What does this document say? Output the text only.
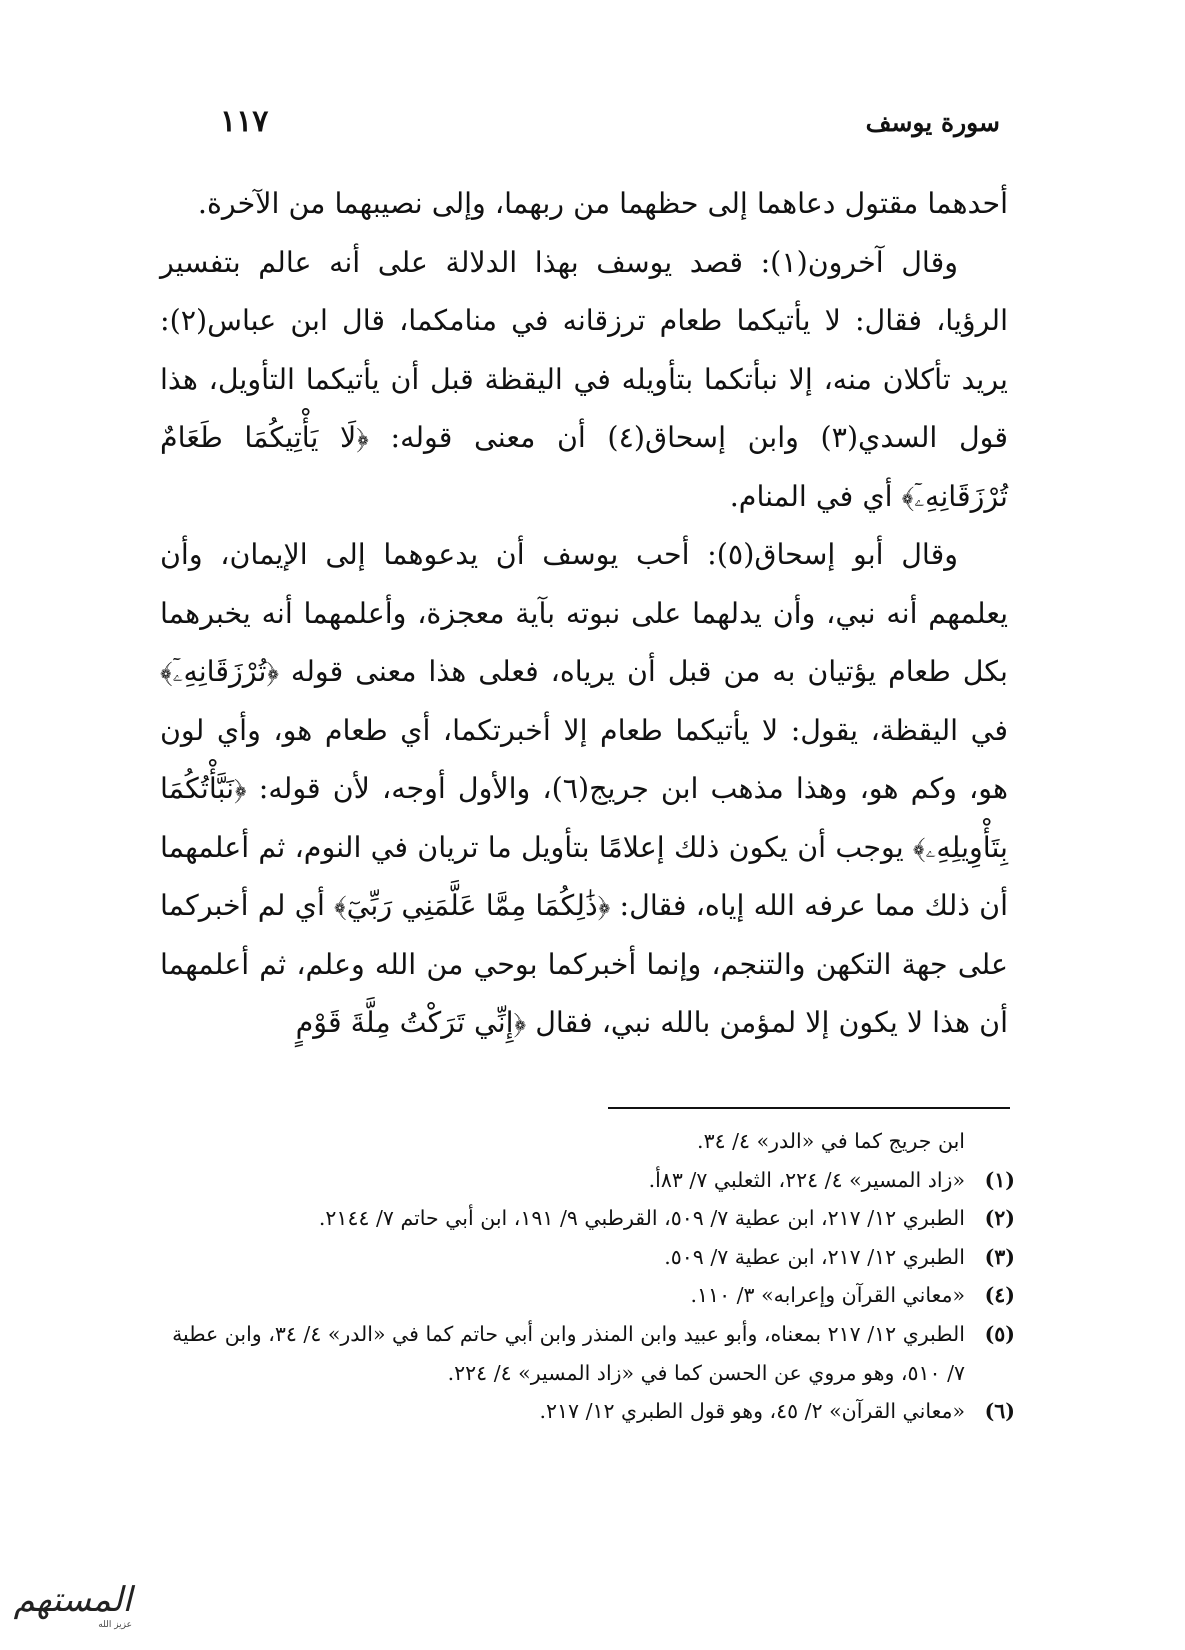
سورة يوسف
١١٧

أحدهما مقتول دعاهما إلى حظهما من ربهما، وإلى نصيبهما من الآخرة.

وقال آخرون(١): قصد يوسف بهذا الدلالة على أنه عالم بتفسير الرؤيا، فقال: لا يأتيكما طعام ترزقانه في منامكما، قال ابن عباس(٢): يريد تأكلان منه، إلا نبأتكما بتأويله في اليقظة قبل أن يأتيكما التأويل، هذا قول السدي(٣) وابن إسحاق(٤) أن معنى قوله: ﴿لَا يَأْتِيكُمَا طَعَامٌ تُرْزَقَانِهِۦٓ﴾ أي في المنام.

وقال أبو إسحاق(٥): أحب يوسف أن يدعوهما إلى الإيمان، وأن يعلمهم أنه نبي، وأن يدلهما على نبوته بآية معجزة، وأعلمهما أنه يخبرهما بكل طعام يؤتيان به من قبل أن يرياه، فعلى هذا معنى قوله ﴿تُرْزَقَانِهِۦٓ﴾ في اليقظة، يقول: لا يأتيكما طعام إلا أخبرتكما، أي طعام هو، وأي لون هو، وكم هو، وهذا مذهب ابن جريج(٦)، والأول أوجه، لأن قوله: ﴿نَبَّأْتُكُمَا بِتَأْوِيلِهِۦ﴾ يوجب أن يكون ذلك إعلامًا بتأويل ما تريان في النوم، ثم أعلمهما أن ذلك مما عرفه الله إياه، فقال: ﴿ذَٰلِكُمَا مِمَّا عَلَّمَنِي رَبِّيٓ﴾ أي لم أخبركما على جهة التكهن والتنجم، وإنما أخبركما بوحي من الله وعلم، ثم أعلمهما أن هذا لا يكون إلا لمؤمن بالله نبي، فقال ﴿إِنِّي تَرَكْتُ مِلَّةَ قَوْمٍ

ابن جريج كما في «الدر» ٤/ ٣٤.

(١)
«زاد المسير» ٤/ ٢٢٤، الثعلبي ٧/ ٨٣أ.

(٢)
الطبري ١٢/ ٢١٧، ابن عطية ٧/ ٥٠٩، القرطبي ٩/ ١٩١، ابن أبي حاتم ٧/ ٢١٤٤.

(٣)
الطبري ١٢/ ٢١٧، ابن عطية ٧/ ٥٠٩.

(٤)
«معاني القرآن وإعرابه» ٣/ ١١٠.

(٥)
الطبري ١٢/ ٢١٧ بمعناه، وأبو عبيد وابن المنذر وابن أبي حاتم كما في «الدر» ٤/ ٣٤، وابن عطية ٧/ ٥١٠، وهو مروي عن الحسن كما في «زاد المسير» ٤/ ٢٢٤.

(٦)
«معاني القرآن» ٢/ ٤٥، وهو قول الطبري ١٢/ ٢١٧.

المستهم
عزيز الله
